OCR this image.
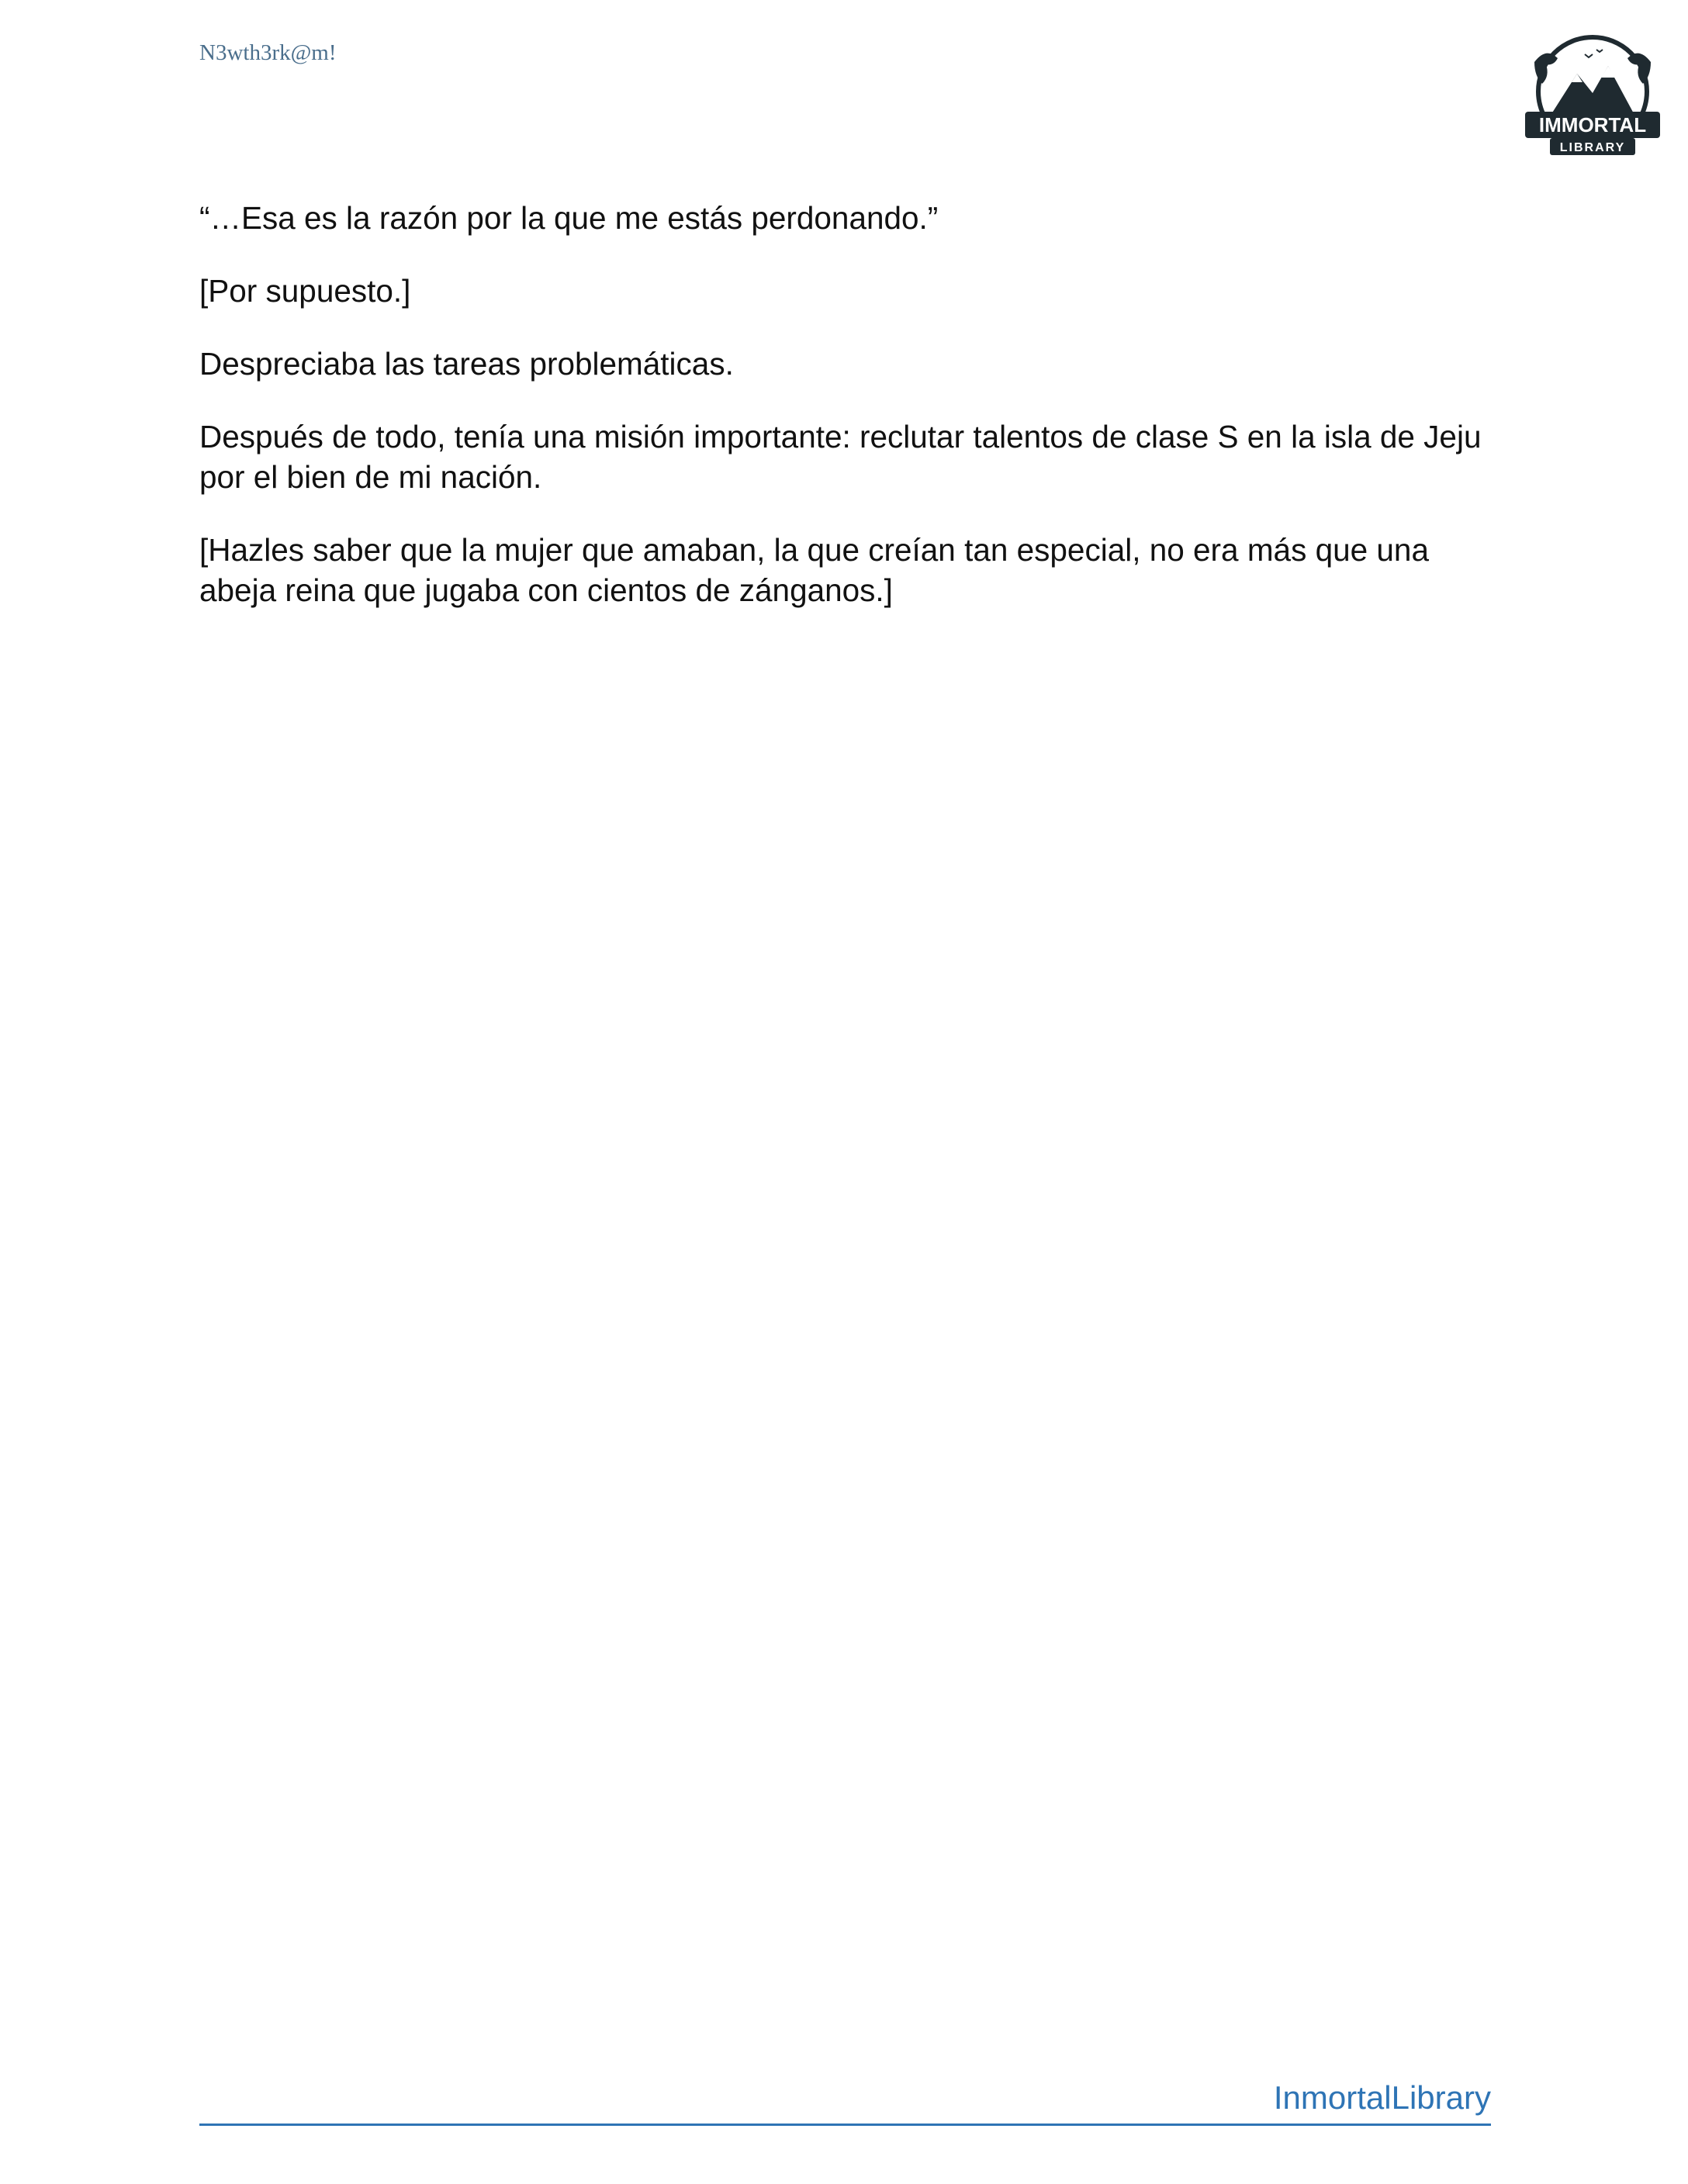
N3wth3rk@m!
IMMORTAL
LIBRARY

“…Esa es la razón por la que me estás perdonando.”

[Por supuesto.]

Despreciaba las tareas problemáticas.

Después de todo, tenía una misión importante: reclutar talentos de clase S en la isla de Jeju por el bien de mi nación.

[Hazles saber que la mujer que amaban, la que creían tan especial, no era más que una abeja reina que jugaba con cientos de zánganos.]

InmortalLibrary
